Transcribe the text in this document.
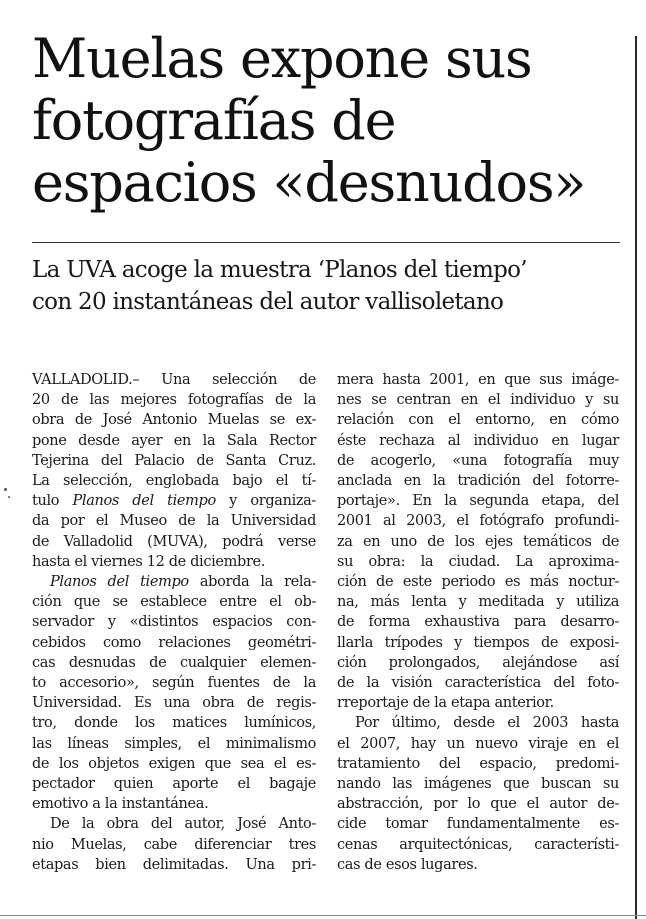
Muelas expone sus
fotografías de
espacios «desnudos»
La UVA acoge la muestra ‘Planos del tiempo’
con 20 instantáneas del autor vallisoletano
VALLADOLID.– Una selección de
20 de las mejores fotografías de la
obra de José Antonio Muelas se ex-
pone desde ayer en la Sala Rector
Tejerina del Palacio de Santa Cruz.
La selección, englobada bajo el tí-
tulo Planos del tiempo y organiza-
da por el Museo de la Universidad
de Valladolid (MUVA), podrá verse
hasta el viernes 12 de diciembre.
Planos del tiempo aborda la rela-
ción que se establece entre el ob-
servador y «distintos espacios con-
cebidos como relaciones geométri-
cas desnudas de cualquier elemen-
to accesorio», según fuentes de la
Universidad. Es una obra de regis-
tro, donde los matices lumínicos,
las líneas simples, el minimalismo
de los objetos exigen que sea el es-
pectador quien aporte el bagaje
emotivo a la instantánea.
De la obra del autor, José Anto-
nio Muelas, cabe diferenciar tres
etapas bien delimitadas. Una pri-
mera hasta 2001, en que sus imáge-
nes se centran en el individuo y su
relación con el entorno, en cómo
éste rechaza al individuo en lugar
de acogerlo, «una fotografía muy
anclada en la tradición del fotorre-
portaje». En la segunda etapa, del
2001 al 2003, el fotógrafo profundi-
za en uno de los ejes temáticos de
su obra: la ciudad. La aproxima-
ción de este periodo es más noctur-
na, más lenta y meditada y utiliza
de forma exhaustiva para desarro-
llarla trípodes y tiempos de exposi-
ción prolongados, alejándose así
de la visión característica del foto-
rreportaje de la etapa anterior.
Por último, desde el 2003 hasta
el 2007, hay un nuevo viraje en el
tratamiento del espacio, predomi-
nando las imágenes que buscan su
abstracción, por lo que el autor de-
cide tomar fundamentalmente es-
cenas arquitectónicas, característi-
cas de esos lugares.
